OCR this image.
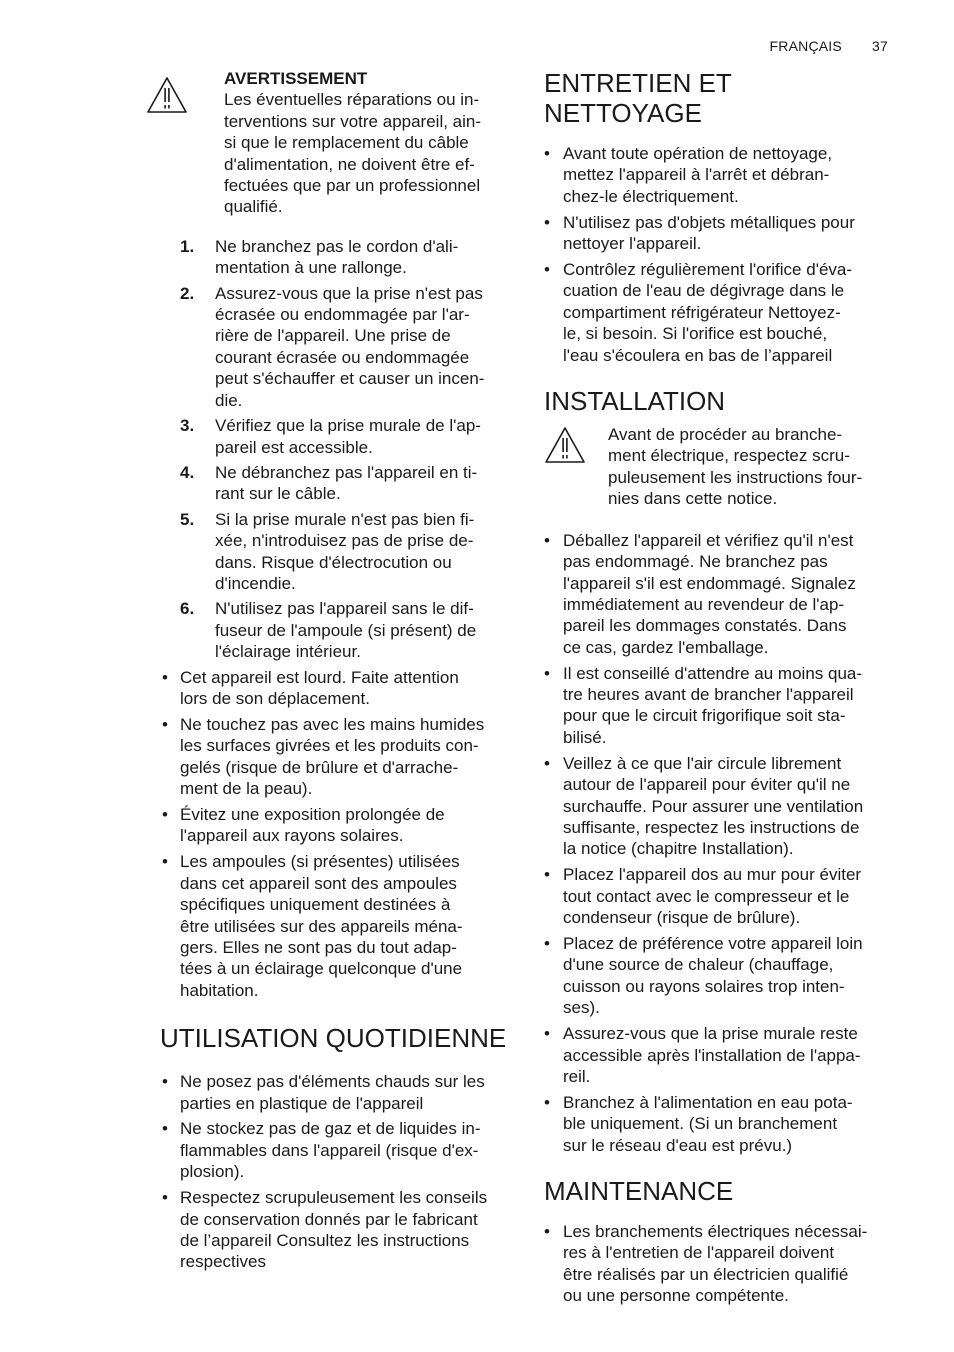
FRANÇAIS 37
AVERTISSEMENT
Les éventuelles réparations ou in-
terventions sur votre appareil, ain-
si que le remplacement du câble
d'alimentation, ne doivent être ef-
fectuées que par un professionnel
qualifié.
1. Ne branchez pas le cordon d'ali-
mentation à une rallonge.
2. Assurez-vous que la prise n'est pas
écrasée ou endommagée par l'ar-
rière de l'appareil. Une prise de
courant écrasée ou endommagée
peut s'échauffer et causer un incen-
die.
3. Vérifiez que la prise murale de l'ap-
pareil est accessible.
4. Ne débranchez pas l'appareil en ti-
rant sur le câble.
5. Si la prise murale n'est pas bien fi-
xée, n'introduisez pas de prise de-
dans. Risque d'électrocution ou
d'incendie.
6. N'utilisez pas l'appareil sans le dif-
fuseur de l'ampoule (si présent) de
l'éclairage intérieur.
• Cet appareil est lourd. Faite attention
lors de son déplacement.
• Ne touchez pas avec les mains humides
les surfaces givrées et les produits con-
gelés (risque de brûlure et d'arrache-
ment de la peau).
• Évitez une exposition prolongée de
l'appareil aux rayons solaires.
• Les ampoules (si présentes) utilisées
dans cet appareil sont des ampoules
spécifiques uniquement destinées à
être utilisées sur des appareils ména-
gers. Elles ne sont pas du tout adap-
tées à un éclairage quelconque d'une
habitation.
UTILISATION QUOTIDIENNE
• Ne posez pas d'éléments chauds sur les
parties en plastique de l'appareil
• Ne stockez pas de gaz et de liquides in-
flammables dans l'appareil (risque d'ex-
plosion).
• Respectez scrupuleusement les conseils
de conservation donnés par le fabricant
de l’appareil Consultez les instructions
respectives
ENTRETIEN ET NETTOYAGE
• Avant toute opération de nettoyage,
mettez l'appareil à l'arrêt et débran-
chez-le électriquement.
• N'utilisez pas d'objets métalliques pour
nettoyer l'appareil.
• Contrôlez régulièrement l'orifice d'éva-
cuation de l'eau de dégivrage dans le
compartiment réfrigérateur Nettoyez-
le, si besoin. Si l'orifice est bouché,
l'eau s'écoulera en bas de l’appareil
INSTALLATION
Avant de procéder au branche-
ment électrique, respectez scru-
puleusement les instructions four-
nies dans cette notice.
• Déballez l'appareil et vérifiez qu'il n'est
pas endommagé. Ne branchez pas
l'appareil s'il est endommagé. Signalez
immédiatement au revendeur de l'ap-
pareil les dommages constatés. Dans
ce cas, gardez l'emballage.
• Il est conseillé d'attendre au moins qua-
tre heures avant de brancher l'appareil
pour que le circuit frigorifique soit sta-
bilisé.
• Veillez à ce que l'air circule librement
autour de l'appareil pour éviter qu'il ne
surchauffe. Pour assurer une ventilation
suffisante, respectez les instructions de
la notice (chapitre Installation).
• Placez l'appareil dos au mur pour éviter
tout contact avec le compresseur et le
condenseur (risque de brûlure).
• Placez de préférence votre appareil loin
d'une source de chaleur (chauffage,
cuisson ou rayons solaires trop inten-
ses).
• Assurez-vous que la prise murale reste
accessible après l'installation de l'appa-
reil.
• Branchez à l'alimentation en eau pota-
ble uniquement. (Si un branchement
sur le réseau d'eau est prévu.)
MAINTENANCE
• Les branchements électriques nécessai-
res à l'entretien de l'appareil doivent
être réalisés par un électricien qualifié
ou une personne compétente.
